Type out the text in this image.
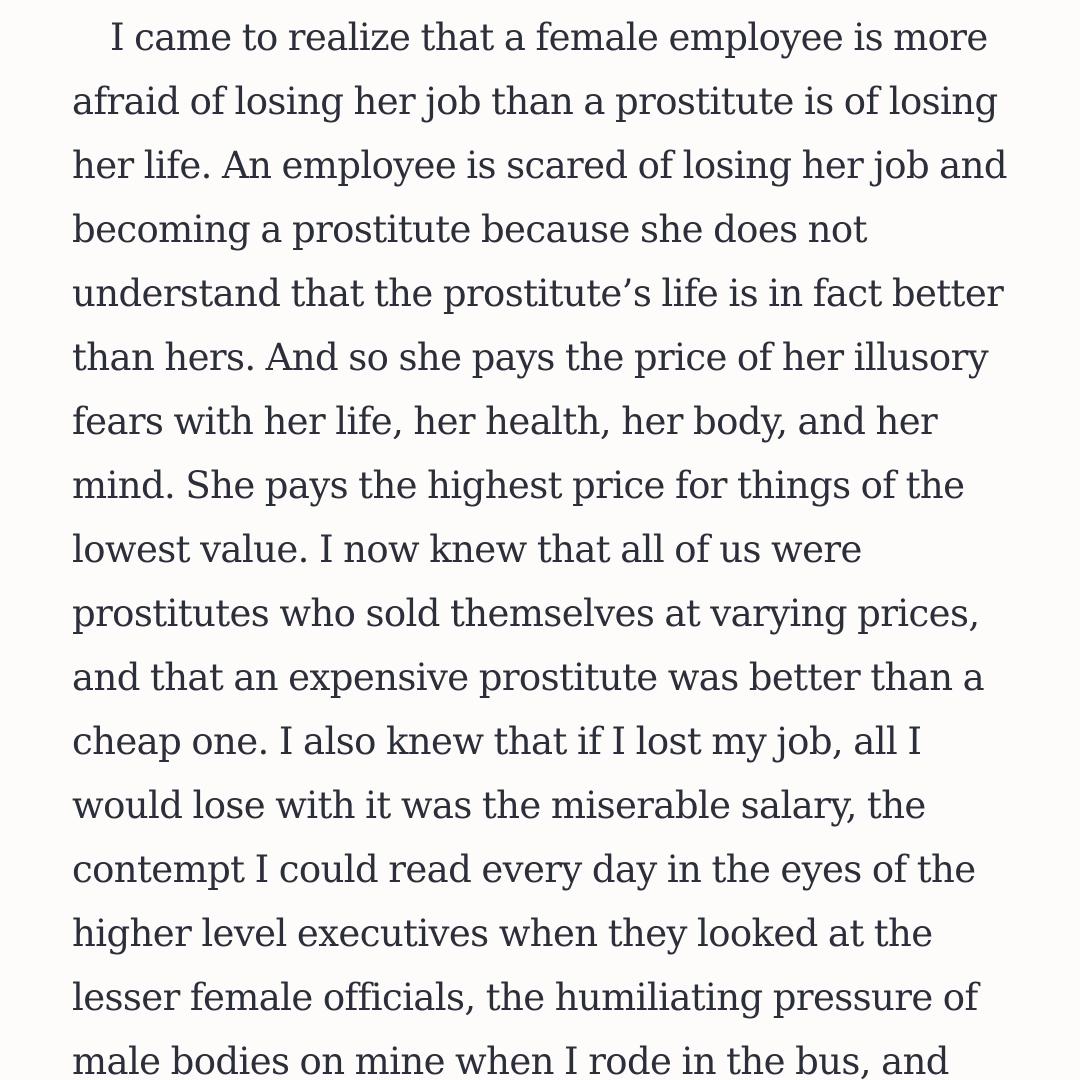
I came to realize that a female employee is more
afraid of losing her job than a prostitute is of losing
her life. An employee is scared of losing her job and
becoming a prostitute because she does not
understand that the prostitute’s life is in fact better
than hers. And so she pays the price of her illusory
fears with her life, her health, her body, and her
mind. She pays the highest price for things of the
lowest value. I now knew that all of us were
prostitutes who sold themselves at varying prices,
and that an expensive prostitute was better than a
cheap one. I also knew that if I lost my job, all I
would lose with it was the miserable salary, the
contempt I could read every day in the eyes of the
higher level executives when they looked at the
lesser female officials, the humiliating pressure of
male bodies on mine when I rode in the bus, and
